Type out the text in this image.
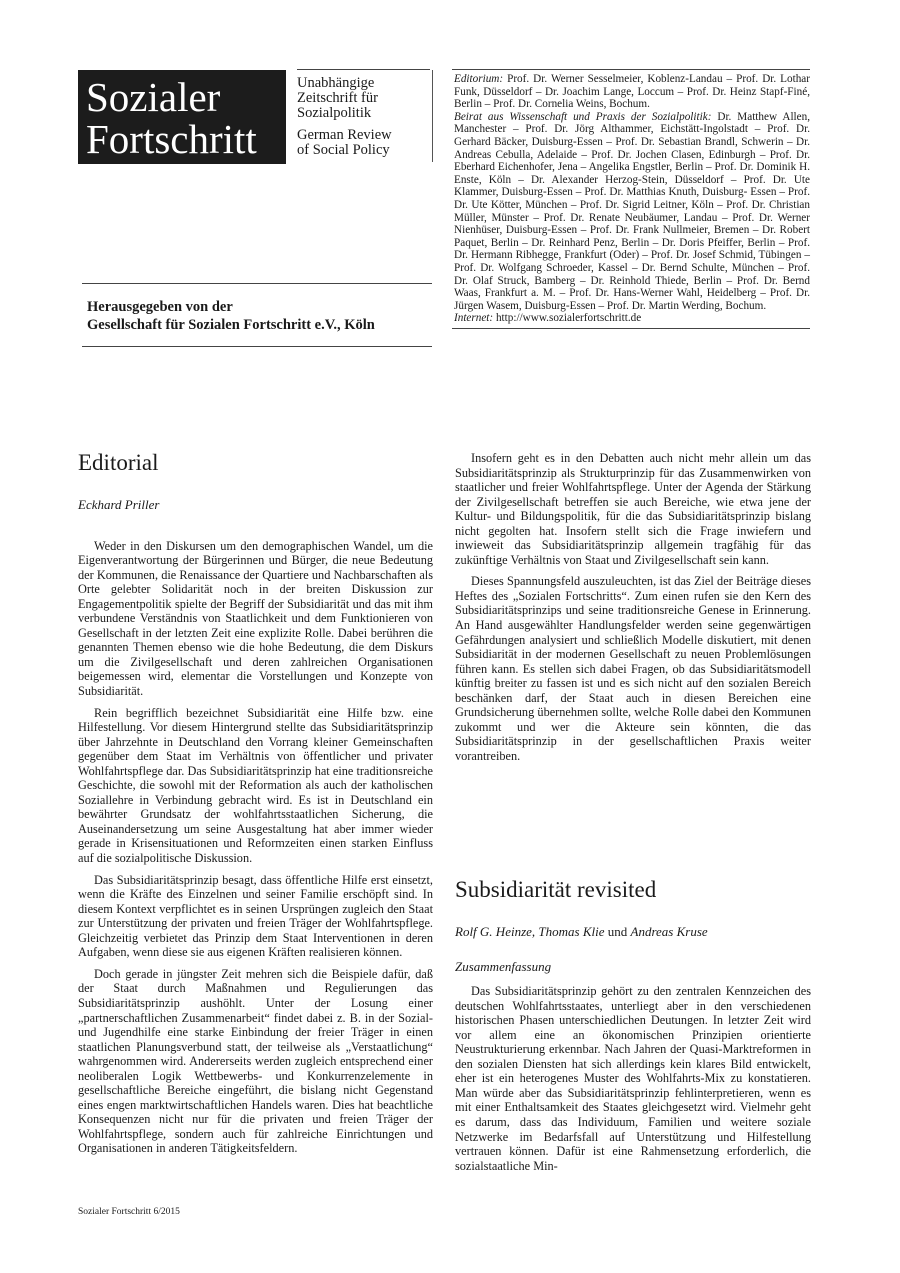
Sozialer
Fortschritt
Unabhängige
Zeitschrift für
Sozialpolitik
German Review
of Social Policy
Herausgegeben von der
Gesellschaft für Sozialen Fortschritt e.V., Köln

Editorium: Prof. Dr. Werner Sesselmeier, Koblenz-Landau – Prof. Dr. Lothar Funk, Düsseldorf – Dr. Joachim Lange, Loccum – Prof. Dr. Heinz Stapf-Finé, Berlin – Prof. Dr. Cornelia Weins, Bochum.

Beirat aus Wissenschaft und Praxis der Sozialpolitik: Dr. Matthew Allen, Manchester – Prof. Dr. Jörg Althammer, Eichstätt-Ingolstadt – Prof. Dr. Gerhard Bäcker, Duisburg-Essen – Prof. Dr. Sebastian Brandl, Schwerin – Dr. Andreas Cebulla, Adelaide – Prof. Dr. Jochen Clasen, Edinburgh – Prof. Dr. Eberhard Eichenhofer, Jena – Angelika Engstler, Berlin – Prof. Dr. Dominik H. Enste, Köln – Dr. Alexander Herzog-Stein, Düsseldorf – Prof. Dr. Ute Klammer, Duisburg-Essen – Prof. Dr. Matthias Knuth, Duisburg- Essen – Prof. Dr. Ute Kötter, München – Prof. Dr. Sigrid Leitner, Köln – Prof. Dr. Christian Müller, Münster – Prof. Dr. Renate Neubäumer, Landau – Prof. Dr. Werner Nienhüser, Duisburg-Essen – Prof. Dr. Frank Nullmeier, Bremen – Dr. Robert Paquet, Berlin – Dr. Reinhard Penz, Berlin – Dr. Doris Pfeiffer, Berlin – Prof. Dr. Hermann Ribhegge, Frankfurt (Oder) – Prof. Dr. Josef Schmid, Tübingen – Prof. Dr. Wolfgang Schroeder, Kassel – Dr. Bernd Schulte, München – Prof. Dr. Olaf Struck, Bamberg – Dr. Reinhold Thiede, Berlin – Prof. Dr. Bernd Waas, Frankfurt a. M. – Prof. Dr. Hans-Werner Wahl, Heidelberg – Prof. Dr. Jürgen Wasem, Duisburg-Essen – Prof. Dr. Martin Werding, Bochum.

Internet: http://www.sozialerfortschritt.de

Editorial
Eckhard Priller

Weder in den Diskursen um den demographischen Wandel, um die Eigenverantwortung der Bürgerinnen und Bürger, die neue Bedeutung der Kommunen, die Renaissance der Quartiere und Nachbarschaften als Orte gelebter Solidarität noch in der breiten Diskussion zur Engagementpolitik spielte der Begriff der Subsidiarität und das mit ihm verbundene Verständnis von Staatlichkeit und dem Funktionieren von Gesellschaft in der letzten Zeit eine explizite Rolle. Dabei berühren die genannten Themen ebenso wie die hohe Bedeutung, die dem Diskurs um die Zivilgesellschaft und deren zahlreichen Organisationen beigemessen wird, elementar die Vorstellungen und Konzepte von Subsidiarität.

Rein begrifflich bezeichnet Subsidiarität eine Hilfe bzw. eine Hilfestellung. Vor diesem Hintergrund stellte das Subsidiaritätsprinzip über Jahrzehnte in Deutschland den Vorrang kleiner Gemeinschaften gegenüber dem Staat im Verhältnis von öffentlicher und privater Wohlfahrtspflege dar. Das Subsidiaritätsprinzip hat eine traditionsreiche Geschichte, die sowohl mit der Reformation als auch der katholischen Soziallehre in Verbindung gebracht wird. Es ist in Deutschland ein bewährter Grundsatz der wohlfahrtsstaatlichen Sicherung, die Auseinandersetzung um seine Ausgestaltung hat aber immer wieder gerade in Krisensituationen und Reformzeiten einen starken Einfluss auf die sozialpolitische Diskussion.

Das Subsidiaritätsprinzip besagt, dass öffentliche Hilfe erst einsetzt, wenn die Kräfte des Einzelnen und seiner Familie erschöpft sind. In diesem Kontext verpflichtet es in seinen Ursprüngen zugleich den Staat zur Unterstützung der privaten und freien Träger der Wohlfahrtspflege. Gleichzeitig verbietet das Prinzip dem Staat Interventionen in deren Aufgaben, wenn diese sie aus eigenen Kräften realisieren können.

Doch gerade in jüngster Zeit mehren sich die Beispiele dafür, daß der Staat durch Maßnahmen und Regulierungen das Subsidiaritätsprinzip aushöhlt. Unter der Losung einer „partnerschaftlichen Zusammenarbeit“ findet dabei z. B. in der Sozial- und Jugendhilfe eine starke Einbindung der freier Träger in einen staatlichen Planungsverbund statt, der teilweise als „Verstaatlichung“ wahrgenommen wird. Andererseits werden zugleich entsprechend einer neoliberalen Logik Wettbewerbs- und Konkurrenzelemente in gesellschaftliche Bereiche eingeführt, die bislang nicht Gegenstand eines engen marktwirtschaftlichen Handels waren. Dies hat beachtliche Konsequenzen nicht nur für die privaten und freien Träger der Wohlfahrtspflege, sondern auch für zahlreiche Einrichtungen und Organisationen in anderen Tätigkeitsfeldern.

Insofern geht es in den Debatten auch nicht mehr allein um das Subsidiaritätsprinzip als Strukturprinzip für das Zusammenwirken von staatlicher und freier Wohlfahrtspflege. Unter der Agenda der Stärkung der Zivilgesellschaft betreffen sie auch Bereiche, wie etwa jene der Kultur- und Bildungspolitik, für die das Subsidiaritätsprinzip bislang nicht gegolten hat. Insofern stellt sich die Frage inwiefern und inwieweit das Subsidiaritätsprinzip allgemein tragfähig für das zukünftige Verhältnis von Staat und Zivilgesellschaft sein kann.

Dieses Spannungsfeld auszuleuchten, ist das Ziel der Beiträge dieses Heftes des „Sozialen Fortschritts“. Zum einen rufen sie den Kern des Subsidiaritätsprinzips und seine traditionsreiche Genese in Erinnerung. An Hand ausgewählter Handlungsfelder werden seine gegenwärtigen Gefährdungen analysiert und schließlich Modelle diskutiert, mit denen Subsidiarität in der modernen Gesellschaft zu neuen Problemlösungen führen kann. Es stellen sich dabei Fragen, ob das Subsidiaritätsmodell künftig breiter zu fassen ist und es sich nicht auf den sozialen Bereich beschänken darf, der Staat auch in diesen Bereichen eine Grundsicherung übernehmen sollte, welche Rolle dabei den Kommunen zukommt und wer die Akteure sein könnten, die das Subsidiaritätsprinzip in der gesellschaftlichen Praxis weiter vorantreiben.

Subsidiarität revisited
Rolf G. Heinze, Thomas Klie und Andreas Kruse
Zusammenfassung

Das Subsidiaritätsprinzip gehört zu den zentralen Kennzeichen des deutschen Wohlfahrtsstaates, unterliegt aber in den verschiedenen historischen Phasen unterschiedlichen Deutungen. In letzter Zeit wird vor allem eine an ökonomischen Prinzipien orientierte Neustrukturierung erkennbar. Nach Jahren der Quasi-Marktreformen in den sozialen Diensten hat sich allerdings kein klares Bild entwickelt, eher ist ein heterogenes Muster des Wohlfahrts-Mix zu konstatieren. Man würde aber das Subsidiaritätsprinzip fehlinterpretieren, wenn es mit einer Enthaltsamkeit des Staates gleichgesetzt wird. Vielmehr geht es darum, dass das Individuum, Familien und weitere soziale Netzwerke im Bedarfsfall auf Unterstützung und Hilfestellung vertrauen können. Dafür ist eine Rahmensetzung erforderlich, die sozialstaatliche Min-

Sozialer Fortschritt 6/2015
